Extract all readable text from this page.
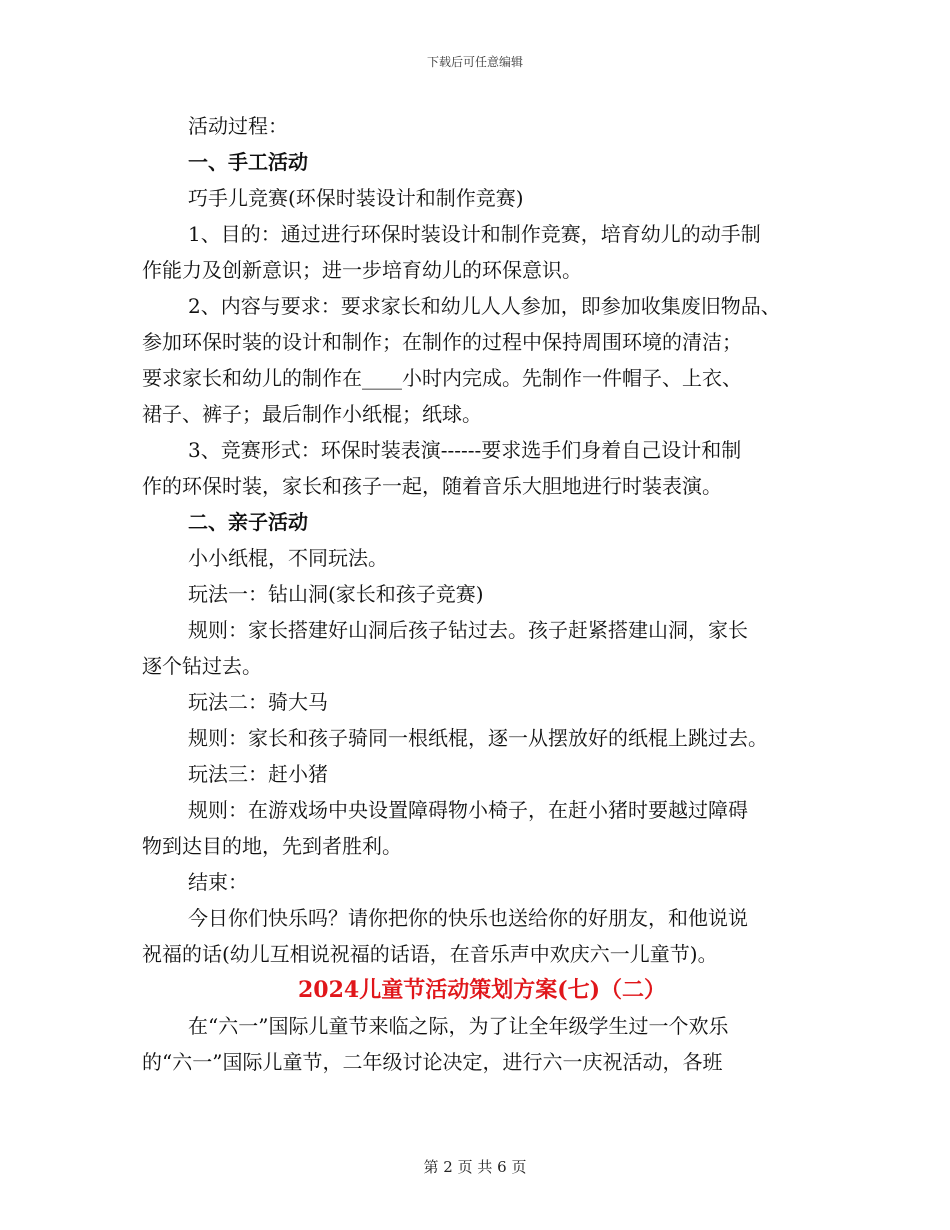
下载后可任意编辑
活动过程：
一、手工活动
巧手儿竞赛(环保时装设计和制作竞赛)
1、目的：通过进行环保时装设计和制作竞赛，培育幼儿的动手制
作能力及创新意识；进一步培育幼儿的环保意识。
2、内容与要求：要求家长和幼儿人人参加，即参加收集废旧物品、
参加环保时装的设计和制作；在制作的过程中保持周围环境的清洁；
要求家长和幼儿的制作在____小时内完成。先制作一件帽子、上衣、
裙子、裤子；最后制作小纸棍；纸球。
3、竞赛形式：环保时装表演------要求选手们身着自己设计和制
作的环保时装，家长和孩子一起，随着音乐大胆地进行时装表演。
二、亲子活动
小小纸棍，不同玩法。
玩法一：钻山洞(家长和孩子竞赛)
规则：家长搭建好山洞后孩子钻过去。孩子赶紧搭建山洞，家长
逐个钻过去。
玩法二：骑大马
规则：家长和孩子骑同一根纸棍，逐一从摆放好的纸棍上跳过去。
玩法三：赶小猪
规则：在游戏场中央设置障碍物小椅子，在赶小猪时要越过障碍
物到达目的地，先到者胜利。
结束：
今日你们快乐吗？请你把你的快乐也送给你的好朋友，和他说说
祝福的话(幼儿互相说祝福的话语，在音乐声中欢庆六一儿童节)。
2024儿童节活动策划方案(七)（二）
在“六一”国际儿童节来临之际，为了让全年级学生过一个欢乐
的“六一”国际儿童节，二年级讨论决定，进行六一庆祝活动，各班
第 2 页 共 6 页
